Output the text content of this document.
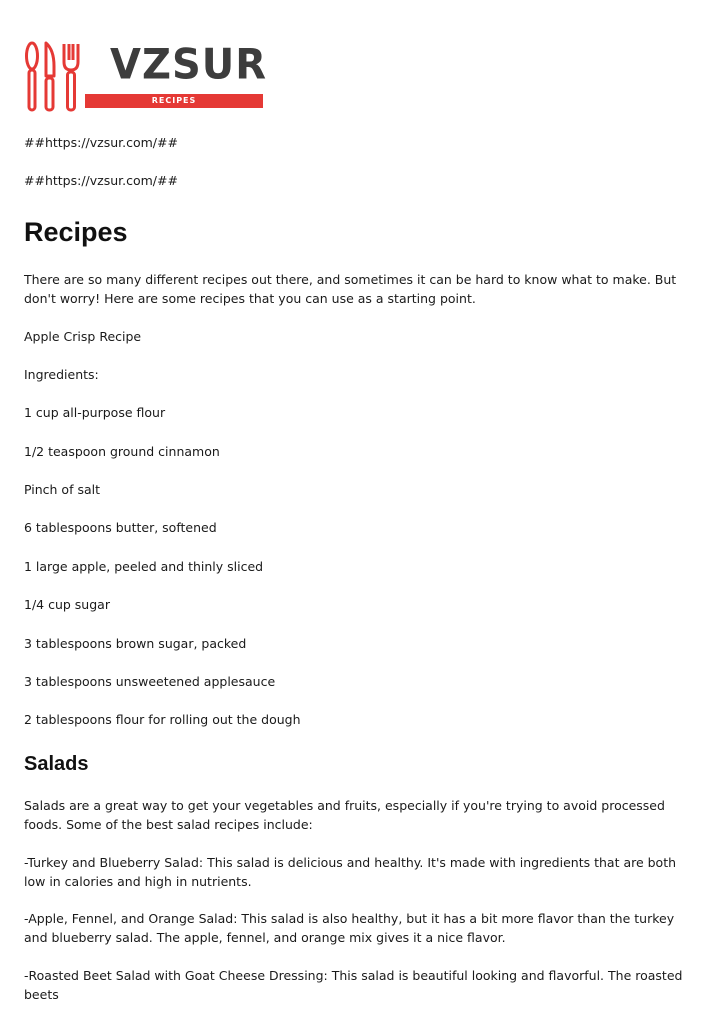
VZSUR
RECIPES

##https://vzsur.com/##

##https://vzsur.com/##

Recipes

There are so many different recipes out there, and sometimes it can be hard to know what to make. But don't worry! Here are some recipes that you can use as a starting point.

Apple Crisp Recipe

Ingredients:

1 cup all-purpose flour

1/2 teaspoon ground cinnamon

Pinch of salt

6 tablespoons butter, softened

1 large apple, peeled and thinly sliced

1/4 cup sugar

3 tablespoons brown sugar, packed

3 tablespoons unsweetened applesauce

2 tablespoons flour for rolling out the dough

Salads

Salads are a great way to get your vegetables and fruits, especially if you're trying to avoid processed foods. Some of the best salad recipes include:

-Turkey and Blueberry Salad: This salad is delicious and healthy. It's made with ingredients that are both low in calories and high in nutrients.

-Apple, Fennel, and Orange Salad: This salad is also healthy, but it has a bit more flavor than the turkey and blueberry salad. The apple, fennel, and orange mix gives it a nice flavor.

-Roasted Beet Salad with Goat Cheese Dressing: This salad is beautiful looking and flavorful. The roasted beets
